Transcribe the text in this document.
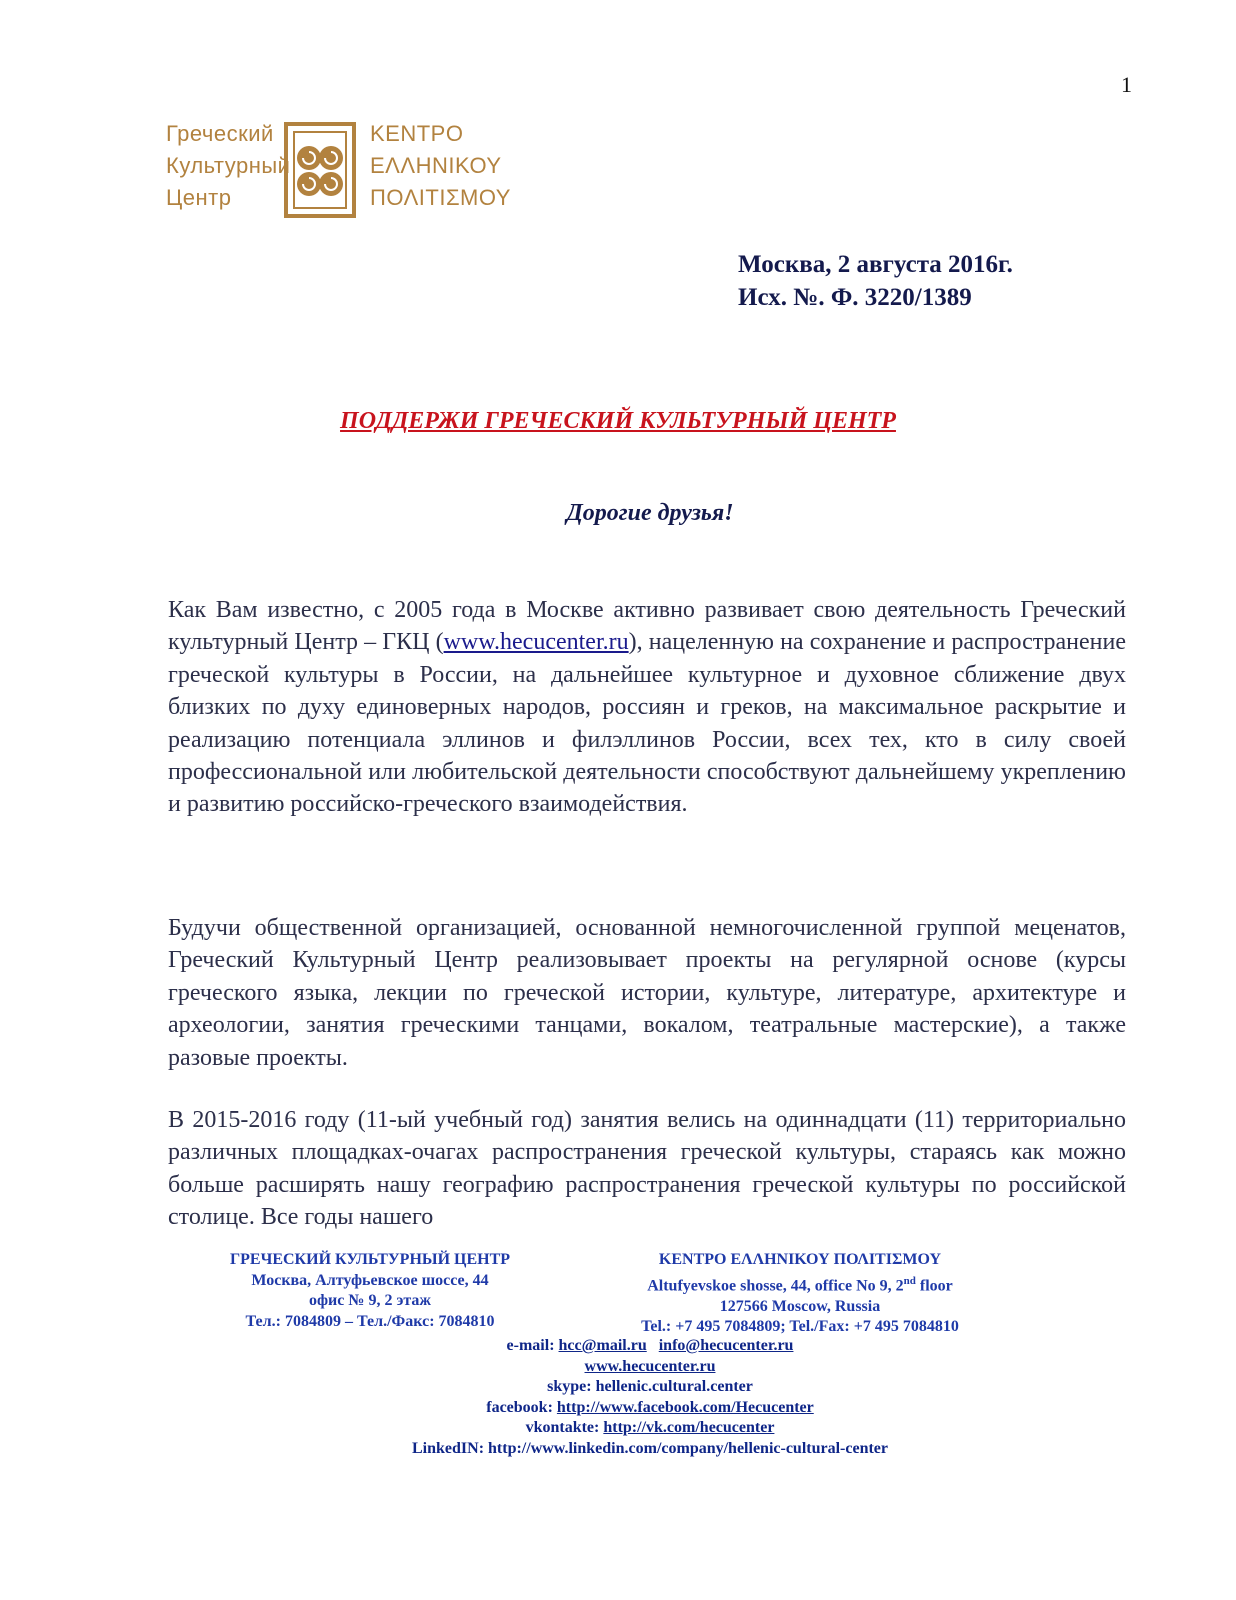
1
Греческий
Культурный
Центр
ΚΕΝΤΡΟ
ΕΛΛΗΝΙΚΟΥ
ΠΟΛΙΤΙΣΜΟΥ
Москва, 2 августа 2016г.
Исх. №. Ф. 3220/1389
ПОДДЕРЖИ ГРЕЧЕСКИЙ КУЛЬТУРНЫЙ ЦЕНТР
Дорогие друзья!
Как Вам известно, с 2005 года в Москве активно развивает свою деятельность Греческий культурный Центр – ГКЦ (www.hecucenter.ru), нацеленную на сохранение и распространение греческой культуры в России, на дальнейшее культурное и духовное сближение двух близких по духу единоверных народов, россиян и греков, на максимальное раскрытие и реализацию потенциала эллинов и филэллинов России, всех тех, кто в силу своей профессиональной или любительской деятельности способствуют дальнейшему укреплению и развитию российско-греческого взаимодействия.
Будучи общественной организацией, основанной немногочисленной группой меценатов, Греческий Культурный Центр реализовывает проекты на регулярной основе (курсы греческого языка, лекции по греческой истории, культуре, литературе, архитектуре и археологии, занятия греческими танцами, вокалом, театральные мастерские), а также разовые проекты.
В 2015-2016 году (11-ый учебный год) занятия велись на одиннадцати (11) территориально различных площадках-очагах распространения греческой культуры, стараясь как можно больше расширять нашу географию распространения греческой культуры по российской столице. Все годы нашего
ГРЕЧЕСКИЙ КУЛЬТУРНЫЙ ЦЕНТР
Москва, Алтуфьевское шоссе, 44
офис № 9, 2 этаж
Тел.: 7084809 – Тел./Факс: 7084810
ΚΕΝΤΡΟ ΕΛΛΗΝΙΚΟΥ ΠΟΛΙΤΙΣΜΟΥ
Altufyevskoe shosse, 44, office No 9, 2nd floor
127566 Moscow, Russia
Tel.: +7 495 7084809; Tel./Fax: +7 495 7084810
e-mail: hcc@mail.ru info@hecucenter.ru
www.hecucenter.ru
skype: hellenic.cultural.center
facebook: http://www.facebook.com/Hecucenter
vkontakte: http://vk.com/hecucenter
LinkedIN: http://www.linkedin.com/company/hellenic-cultural-center
